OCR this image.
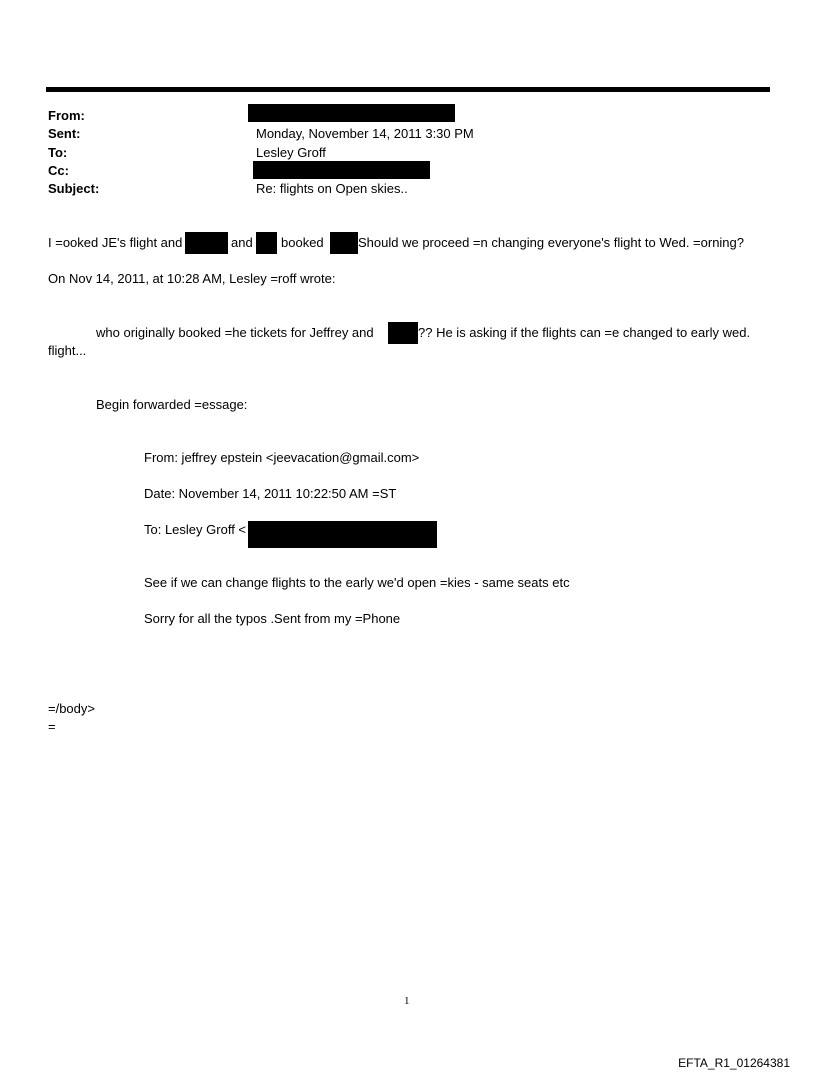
From:
Sent:	Monday, November 14, 2011 3:30 PM
To:	Lesley Groff
Cc:
Subject:	Re: flights on Open skies..
I =ooked JE's flight and	and booked	Should we proceed =n changing everyone's flight to Wed. =orning?
On Nov 14, 2011, at 10:28 AM, Lesley =roff wrote:
who originally booked =he tickets for Jeffrey and	?? He is asking if the flights can =e changed to early wed.
flight...
Begin forwarded =essage:
From: jeffrey epstein <jeevacation@gmail.com>
Date: November 14, 2011 10:22:50 AM =ST
To: Lesley Groff <
See if we can change flights to the early we'd open =kies - same seats etc
Sorry for all the typos .Sent from my =Phone
=/body>
=
1
EFTA_R1_01264381
